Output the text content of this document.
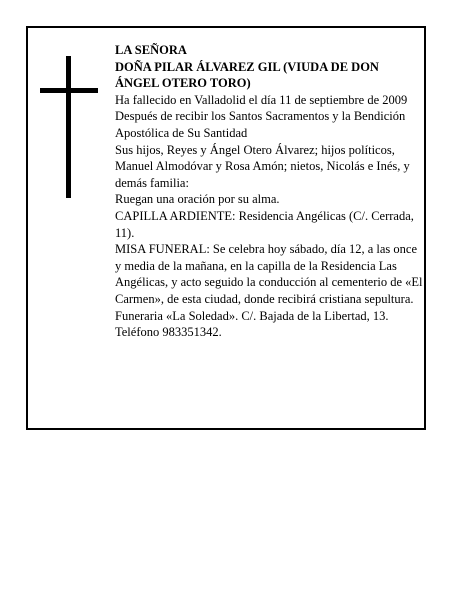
LA SEÑORA

DOÑA PILAR ÁLVAREZ GIL (VIUDA DE DON ÁNGEL OTERO TORO)

Ha fallecido en Valladolid el día 11 de septiembre de 2009

Después de recibir los Santos Sacramentos y la Bendición Apostólica de Su Santidad

Sus hijos, Reyes y Ángel Otero Álvarez; hijos políticos, Manuel Almodóvar y Rosa Amón; nietos, Nicolás e Inés, y demás familia:

Ruegan una oración por su alma.

CAPILLA ARDIENTE: Residencia Angélicas (C/. Cerrada, 11).

MISA FUNERAL: Se celebra hoy sábado, día 12, a las once y media de la mañana, en la capilla de la Residencia Las Angélicas, y acto seguido la conducción al cementerio de «El Carmen», de esta ciudad, donde recibirá cristiana sepultura.

Funeraria «La Soledad». C/. Bajada de la Libertad, 13. Teléfono 983351342.
